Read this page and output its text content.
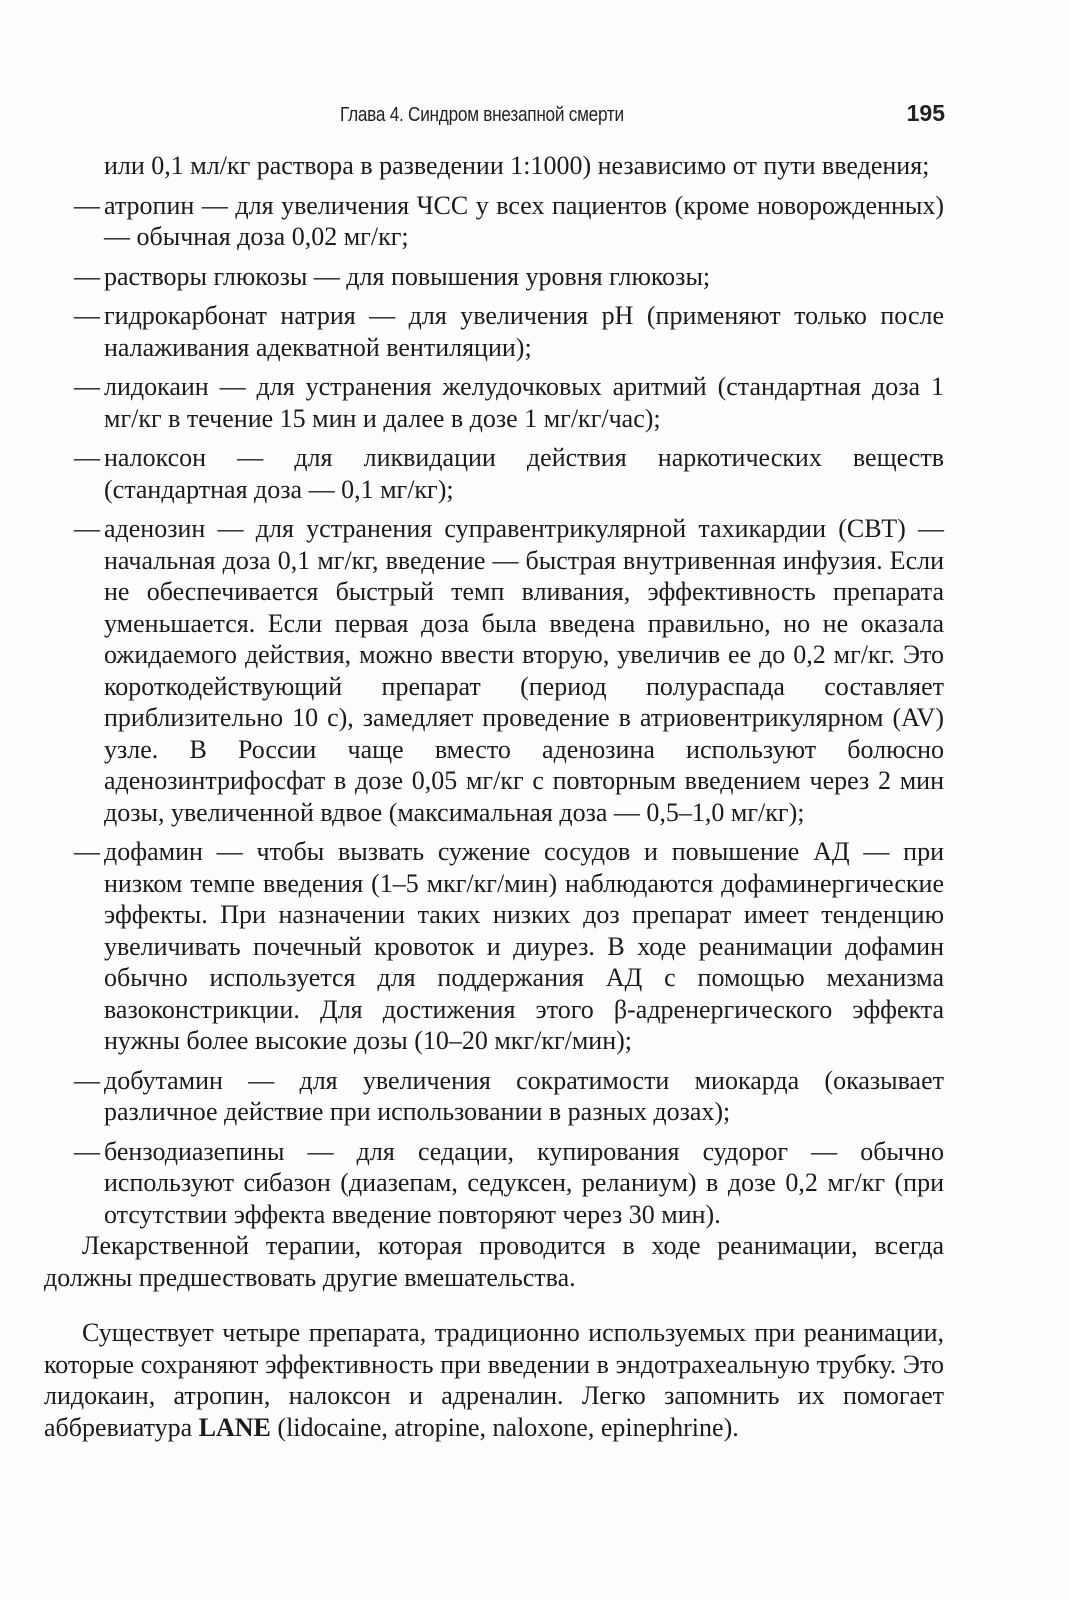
Глава 4. Синдром внезапной смерти	195

или 0,1 мл/кг раствора в разведении 1:1000) независимо от пути введения;

— атропин — для увеличения ЧСС у всех пациентов (кроме новорожденных) — обычная доза 0,02 мг/кг;
— растворы глюкозы — для повышения уровня глюкозы;
— гидрокарбонат натрия — для увеличения pH (применяют только после налаживания адекватной вентиляции);
— лидокаин — для устранения желудочковых аритмий (стандартная доза 1 мг/кг в течение 15 мин и далее в дозе 1 мг/кг/час);
— налоксон — для ликвидации действия наркотических веществ (стандартная доза — 0,1 мг/кг);
— аденозин — для устранения суправентрикулярной тахикардии (СВТ) — начальная доза 0,1 мг/кг, введение — быстрая внутривенная инфузия. Если не обеспечивается быстрый темп вливания, эффективность препарата уменьшается. Если первая доза была введена правильно, но не оказала ожидаемого действия, можно ввести вторую, увеличив ее до 0,2 мг/кг. Это короткодействующий препарат (период полураспада составляет приблизительно 10 с), замедляет проведение в атриовентрикулярном (AV) узле. В России чаще вместо аденозина используют болюсно аденозинтрифосфат в дозе 0,05 мг/кг с повторным введением через 2 мин дозы, увеличенной вдвое (максимальная доза — 0,5–1,0 мг/кг);
— дофамин — чтобы вызвать сужение сосудов и повышение АД — при низком темпе введения (1–5 мкг/кг/мин) наблюдаются дофаминергические эффекты. При назначении таких низких доз препарат имеет тенденцию увеличивать почечный кровоток и диурез. В ходе реанимации дофамин обычно используется для поддержания АД с помощью механизма вазоконстрикции. Для достижения этого β-адренергического эффекта нужны более высокие дозы (10–20 мкг/кг/мин);
— добутамин — для увеличения сократимости миокарда (оказывает различное действие при использовании в разных дозах);
— бензодиазепины — для седации, купирования судорог — обычно используют сибазон (диазепам, седуксен, реланиум) в дозе 0,2 мг/кг (при отсутствии эффекта введение повторяют через 30 мин).

Лекарственной терапии, которая проводится в ходе реанимации, всегда должны предшествовать другие вмешательства.

Существует четыре препарата, традиционно используемых при реанимации, которые сохраняют эффективность при введении в эндотрахеальную трубку. Это лидокаин, атропин, налоксон и адреналин. Легко запомнить их помогает аббревиатура LANE (lidocaine, atropine, naloxone, epinephrine).
